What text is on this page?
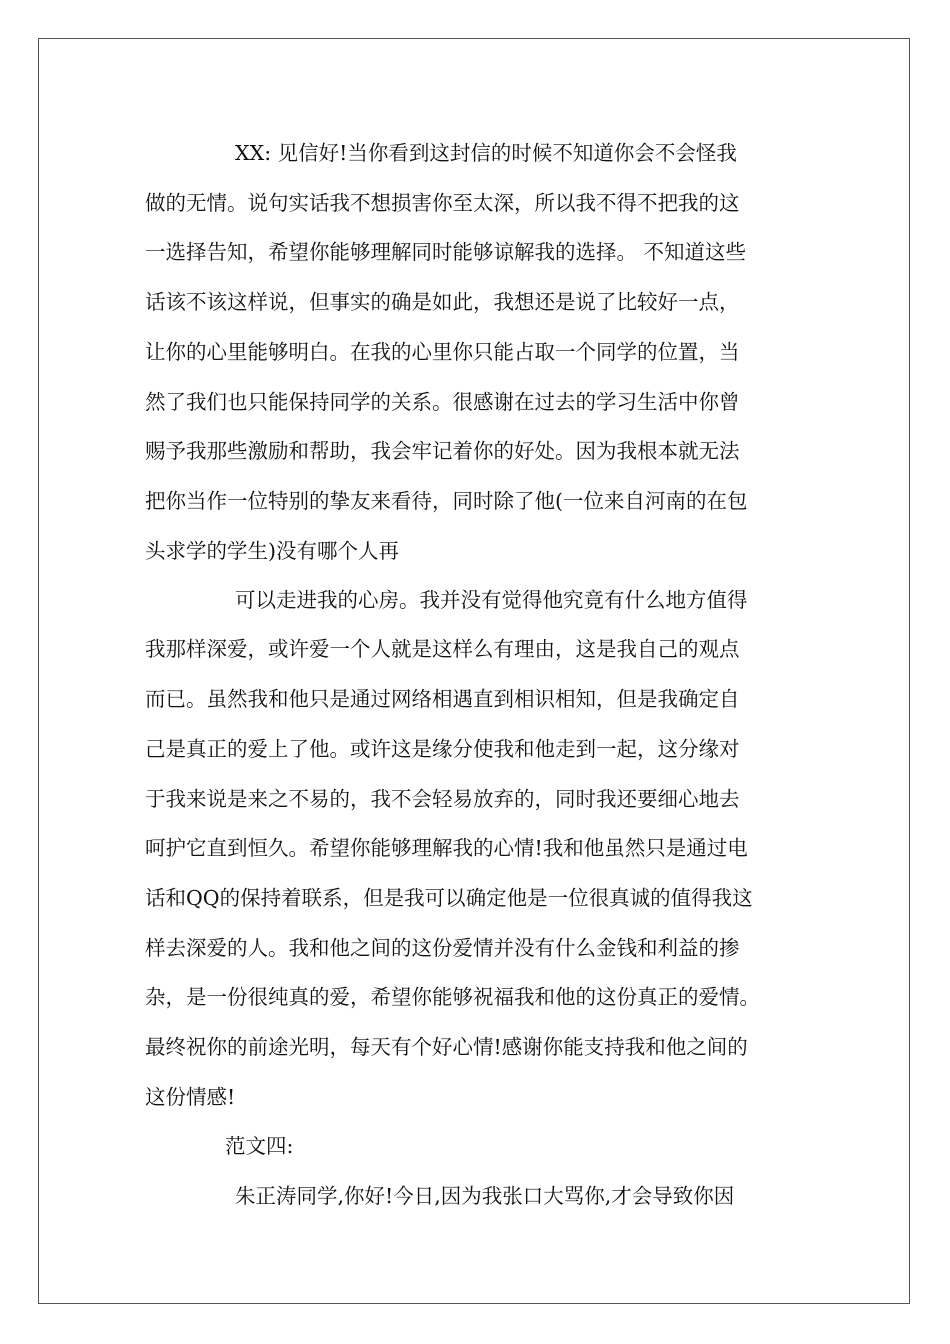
XX: 见信好!当你看到这封信的时候不知道你会不会怪我
做的无情。说句实话我不想损害你至太深，所以我不得不把我的这
一选择告知，希望你能够理解同时能够谅解我的选择。 不知道这些
话该不该这样说，但事实的确是如此，我想还是说了比较好一点，
让你的心里能够明白。在我的心里你只能占取一个同学的位置，当
然了我们也只能保持同学的关系。很感谢在过去的学习生活中你曾
赐予我那些激励和帮助，我会牢记着你的好处。因为我根本就无法
把你当作一位特别的挚友来看待，同时除了他(一位来自河南的在包
头求学的学生)没有哪个人再
可以走进我的心房。我并没有觉得他究竟有什么地方值得
我那样深爱，或许爱一个人就是这样么有理由，这是我自己的观点
而已。虽然我和他只是通过网络相遇直到相识相知，但是我确定自
己是真正的爱上了他。或许这是缘分使我和他走到一起，这分缘对
于我来说是来之不易的，我不会轻易放弃的，同时我还要细心地去
呵护它直到恒久。希望你能够理解我的心情!我和他虽然只是通过电
话和QQ的保持着联系，但是我可以确定他是一位很真诚的值得我这
样去深爱的人。我和他之间的这份爱情并没有什么金钱和利益的掺
杂，是一份很纯真的爱，希望你能够祝福我和他的这份真正的爱情。
最终祝你的前途光明，每天有个好心情!感谢你能支持我和他之间的
这份情感!
范文四:
朱正涛同学,你好!今日,因为我张口大骂你,才会导致你因
